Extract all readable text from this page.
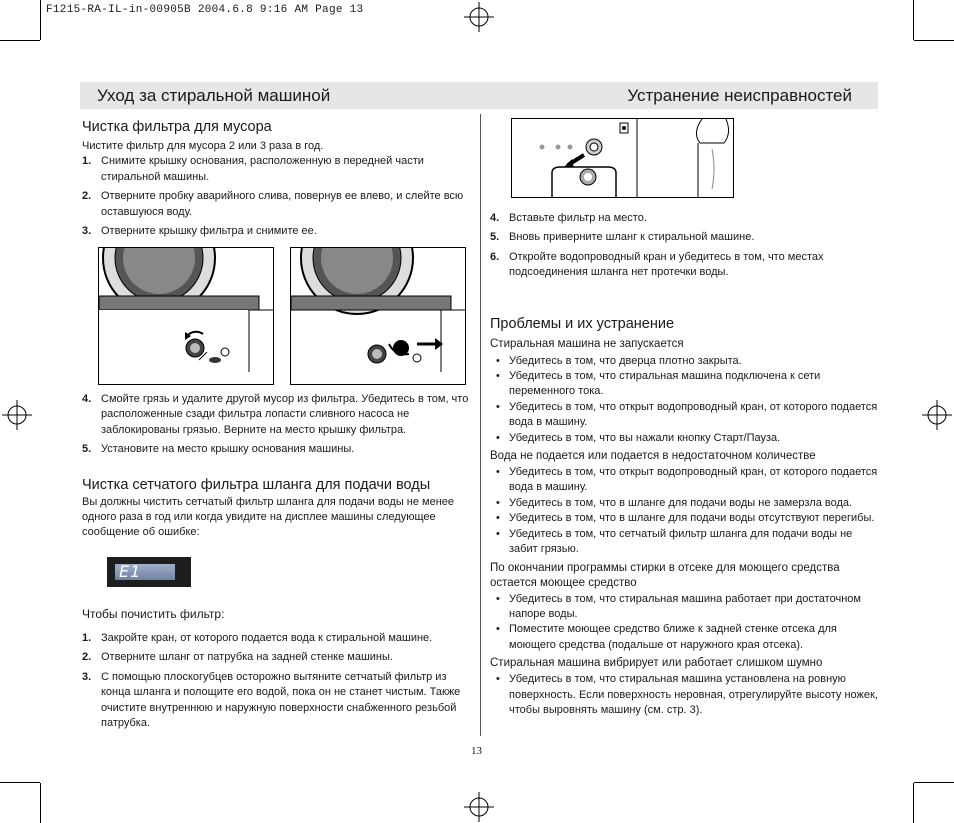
F1215-RA-IL-in-00905B 2004.6.8 9:16 AM Page 13
Уход за стиральной машиной	Устранение неисправностей
Чистка фильтра для мусора

Чистите фильтр для мусора 2 или 3 раза в год.

1. Снимите крышку основания, расположенную в передней части стиральной машины.
2. Отверните пробку аварийного слива, повернув ее влево, и слейте всю оставшуюся воду.
3. Отверните крышку фильтра и снимите ее.
4. Смойте грязь и удалите другой мусор из фильтра. Убедитесь в том, что расположенные сзади фильтра лопасти сливного насоса не заблокированы грязью. Верните на место крышку фильтра.
5. Установите на место крышку основания машины.
Чистка сетчатого фильтра шланга для подачи воды

Вы должны чистить сетчатый фильтр шланга для подачи воды не менее одного раза в год или когда увидите на дисплее машины следующее сообщение об ошибке:

E1
Чтобы почистить фильтр:
1. Закройте кран, от которого подается вода к стиральной машине.
2. Отверните шланг от патрубка на задней стенке машины.
3. С помощью плоскогубцев осторожно вытяните сетчатый фильтр из конца шланга и полощите его водой, пока он не станет чистым. Также очистите внутреннюю и наружную поверхности снабженного резьбой патрубка.
4. Вставьте фильтр на место.
5. Вновь приверните шланг к стиральной машине.
6. Откройте водопроводный кран и убедитесь в том, что местах подсоединения шланга нет протечки воды.
Проблемы и их устранение
Стиральная машина не запускается
• Убедитесь в том, что дверца плотно закрыта.
• Убедитесь в том, что стиральная машина подключена к сети переменного тока.
• Убедитесь в том, что открыт водопроводный кран, от которого подается вода в машину.
• Убедитесь в том, что вы нажали кнопку Старт/Пауза.
Вода не подается или подается в недостаточном количестве
• Убедитесь в том, что открыт водопроводный кран, от которого подается вода в машину.
• Убедитесь в том, что в шланге для подачи воды не замерзла вода.
• Убедитесь в том, что в шланге для подачи воды отсутствуют перегибы.
• Убедитесь в том, что сетчатый фильтр шланга для подачи воды не забит грязью.
По окончании программы стирки в отсеке для моющего средства остается моющее средство
• Убедитесь в том, что стиральная машина работает при достаточном напоре воды.
• Поместите моющее средство ближе к задней стенке отсека для моющего средства (подальше от наружного края отсека).
Стиральная машина вибрирует или работает слишком шумно
• Убедитесь в том, что стиральная машина установлена на ровную поверхность. Если поверхность неровная, отрегулируйте высоту ножек, чтобы выровнять машину (см. стр. 3).
13
